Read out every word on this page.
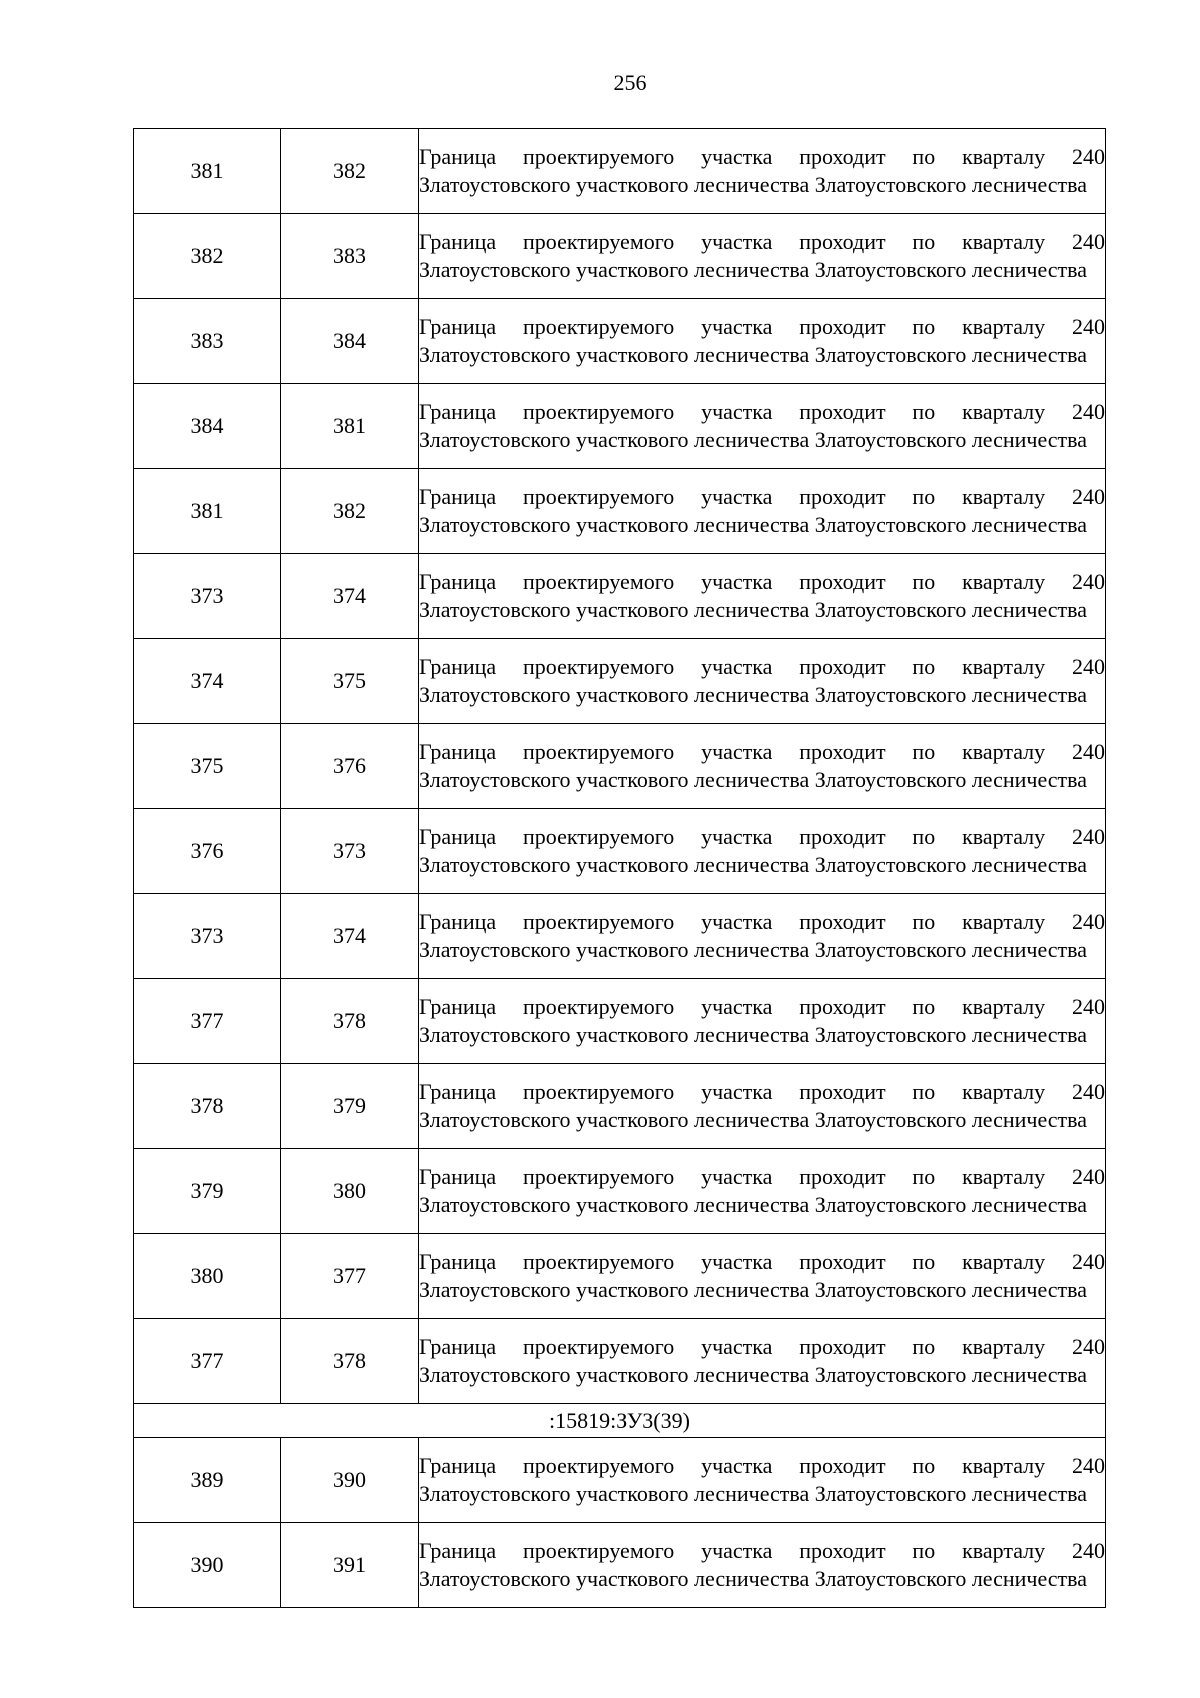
256
381	382	Граница проектируемого участка проходит по кварталу 240 Златоустовского участкового лесничества Златоустовского лесничества

382	383	Граница проектируемого участка проходит по кварталу 240 Златоустовского участкового лесничества Златоустовского лесничества

383	384	Граница проектируемого участка проходит по кварталу 240 Златоустовского участкового лесничества Златоустовского лесничества

384	381	Граница проектируемого участка проходит по кварталу 240 Златоустовского участкового лесничества Златоустовского лесничества

381	382	Граница проектируемого участка проходит по кварталу 240 Златоустовского участкового лесничества Златоустовского лесничества

373	374	Граница проектируемого участка проходит по кварталу 240 Златоустовского участкового лесничества Златоустовского лесничества

374	375	Граница проектируемого участка проходит по кварталу 240 Златоустовского участкового лесничества Златоустовского лесничества

375	376	Граница проектируемого участка проходит по кварталу 240 Златоустовского участкового лесничества Златоустовского лесничества

376	373	Граница проектируемого участка проходит по кварталу 240 Златоустовского участкового лесничества Златоустовского лесничества

373	374	Граница проектируемого участка проходит по кварталу 240 Златоустовского участкового лесничества Златоустовского лесничества

377	378	Граница проектируемого участка проходит по кварталу 240 Златоустовского участкового лесничества Златоустовского лесничества

378	379	Граница проектируемого участка проходит по кварталу 240 Златоустовского участкового лесничества Златоустовского лесничества

379	380	Граница проектируемого участка проходит по кварталу 240 Златоустовского участкового лесничества Златоустовского лесничества

380	377	Граница проектируемого участка проходит по кварталу 240 Златоустовского участкового лесничества Златоустовского лесничества

377	378	Граница проектируемого участка проходит по кварталу 240 Златоустовского участкового лесничества Златоустовского лесничества

:15819:ЗУ3(39)		
389	390	Граница проектируемого участка проходит по кварталу 240 Златоустовского участкового лесничества Златоустовского лесничества

390	391	Граница проектируемого участка проходит по кварталу 240 Златоустовского участкового лесничества Златоустовского лесничества
